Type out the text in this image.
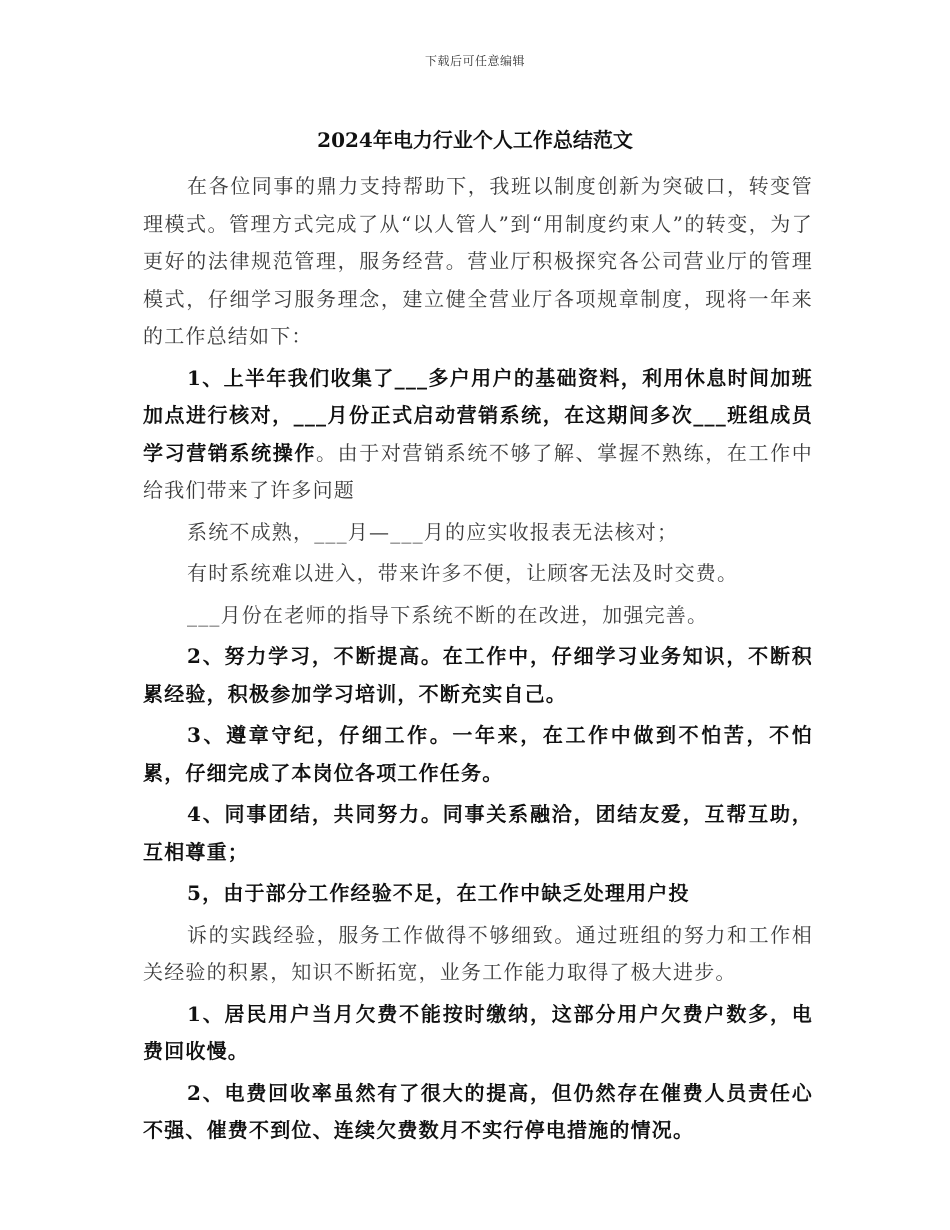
下载后可任意编辑
2024年电力行业个人工作总结范文

在各位同事的鼎力支持帮助下，我班以制度创新为突破口，转变管理模式。管理方式完成了从“以人管人”到“用制度约束人”的转变，为了更好的法律规范管理，服务经营。营业厅积极探究各公司营业厅的管理模式，仔细学习服务理念，建立健全营业厅各项规章制度，现将一年来的工作总结如下：

1、上半年我们收集了___多户用户的基础资料，利用休息时间加班加点进行核对，___月份正式启动营销系统，在这期间多次___班组成员学习营销系统操作。由于对营销系统不够了解、掌握不熟练，在工作中给我们带来了许多问题

系统不成熟，___月—___月的应实收报表无法核对；

有时系统难以进入，带来许多不便，让顾客无法及时交费。

___月份在老师的指导下系统不断的在改进，加强完善。

2、努力学习，不断提高。在工作中，仔细学习业务知识，不断积累经验，积极参加学习培训，不断充实自己。

3、遵章守纪，仔细工作。一年来，在工作中做到不怕苦，不怕累，仔细完成了本岗位各项工作任务。

4、同事团结，共同努力。同事关系融洽，团结友爱，互帮互助，互相尊重；

5，由于部分工作经验不足，在工作中缺乏处理用户投

诉的实践经验，服务工作做得不够细致。通过班组的努力和工作相关经验的积累，知识不断拓宽，业务工作能力取得了极大进步。

1、居民用户当月欠费不能按时缴纳，这部分用户欠费户数多，电费回收慢。

2、电费回收率虽然有了很大的提高，但仍然存在催费人员责任心不强、催费不到位、连续欠费数月不实行停电措施的情况。
